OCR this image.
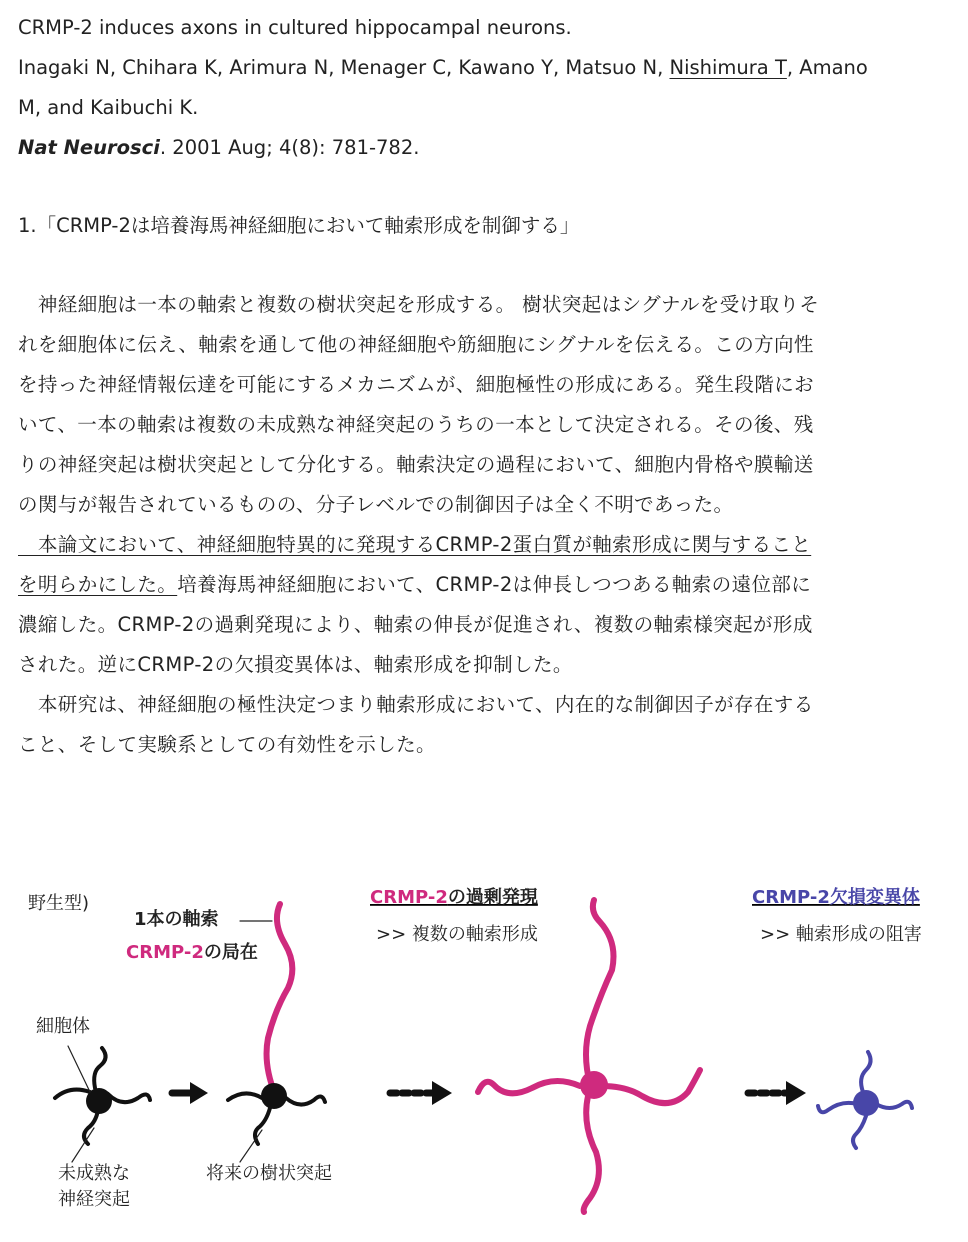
CRMP-2 induces axons in cultured hippocampal neurons.
Inagaki N, Chihara K, Arimura N, Menager C, Kawano Y, Matsuo N, Nishimura T, Amano
M, and Kaibuchi K.
Nat Neurosci. 2001 Aug; 4(8): 781-782.
1.「CRMP-2は培養海馬神経細胞において軸索形成を制御する」
　神経細胞は一本の軸索と複数の樹状突起を形成する。 樹状突起はシグナルを受け取りそ
れを細胞体に伝え、軸索を通して他の神経細胞や筋細胞にシグナルを伝える。この方向性
を持った神経情報伝達を可能にするメカニズムが、細胞極性の形成にある。発生段階にお
いて、一本の軸索は複数の未成熟な神経突起のうちの一本として決定される。その後、残
りの神経突起は樹状突起として分化する。軸索決定の過程において、細胞内骨格や膜輸送
の関与が報告されているものの、分子レベルでの制御因子は全く不明であった。
　本論文において、神経細胞特異的に発現するCRMP-2蛋白質が軸索形成に関与すること
を明らかにした。培養海馬神経細胞において、CRMP-2は伸長しつつある軸索の遠位部に
濃縮した。CRMP-2の過剰発現により、軸索の伸長が促進され、複数の軸索様突起が形成
された。逆にCRMP-2の欠損変異体は、軸索形成を抑制した。
　本研究は、神経細胞の極性決定つまり軸索形成において、内在的な制御因子が存在する
こと、そして実験系としての有効性を示した。
野生型)
1本の軸索
CRMP-2の局在
細胞体
未成熟な
神経突起
将来の樹状突起
CRMP-2の過剰発現
>> 複数の軸索形成
CRMP-2欠損変異体
>> 軸索形成の阻害
